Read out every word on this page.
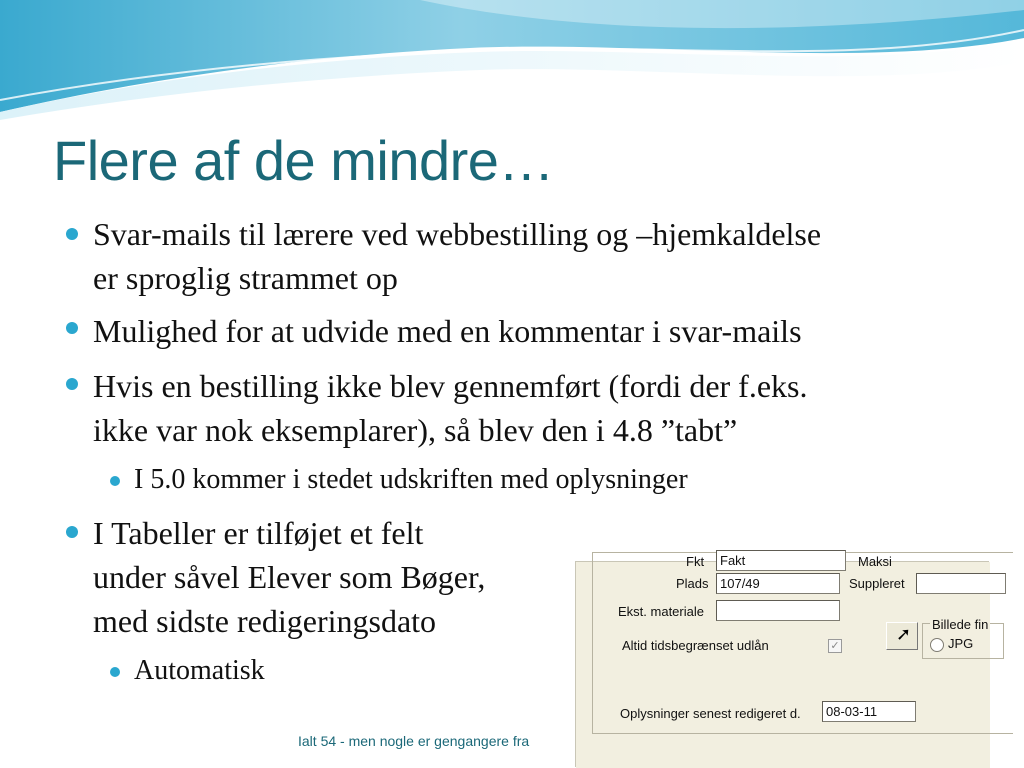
Flere af de mindre…
Svar-mails til lærere ved webbestilling og –hjemkaldelse
er sproglig strammet op
Mulighed for at udvide med en kommentar i svar-mails
Hvis en bestilling ikke blev gennemført (fordi der f.eks.
ikke var nok eksemplarer), så blev den i 4.8 ”tabt”
I 5.0 kommer i stedet udskriften med oplysninger
I Tabeller er tilføjet et felt
under såvel Elever som Bøger,
med sidste redigeringsdato
Automatisk
Ialt 54 - men nogle er gengangere fra
Fkt	Fakt	Maksi
Plads 107/49	Suppleret
Ekst. materiale
Altid tidsbegrænset udlån	✓
➚ Billede fin
JPG
Oplysninger senest redigeret d.	08-03-11
